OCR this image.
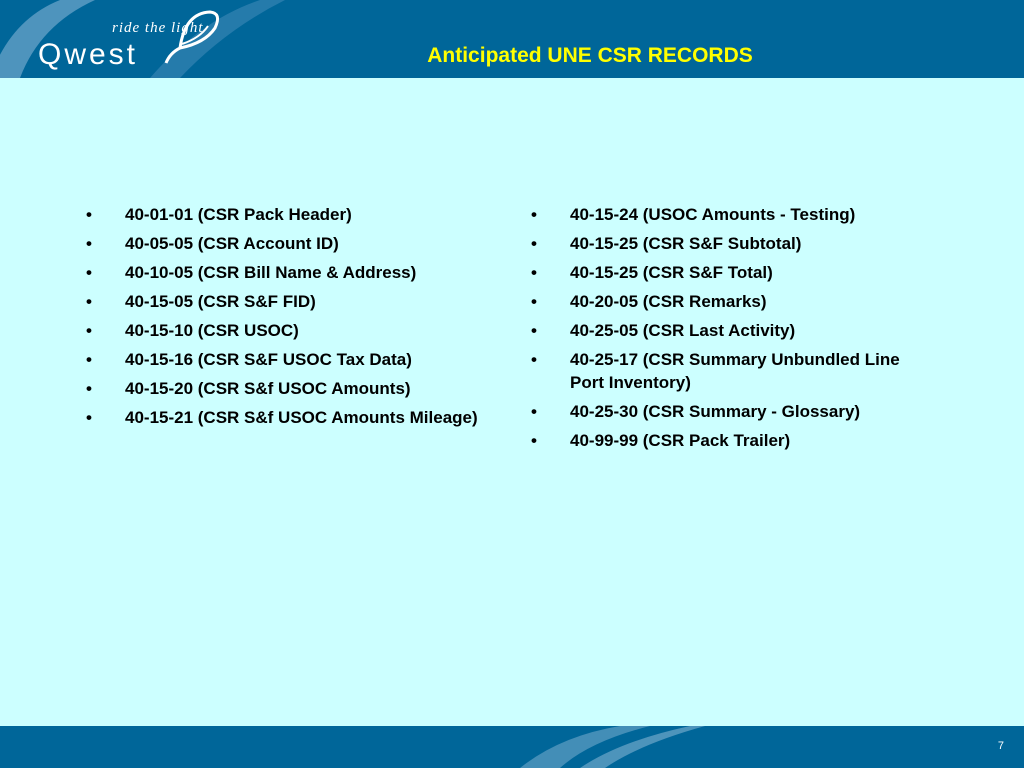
ride the light
Qwest	Anticipated UNE CSR RECORDS
• 40-01-01 (CSR Pack Header)
• 40-05-05 (CSR Account ID)
• 40-10-05 (CSR Bill Name & Address)
• 40-15-05 (CSR S&F FID)
• 40-15-10 (CSR USOC)
• 40-15-16 (CSR S&F USOC Tax Data)
• 40-15-20 (CSR S&f USOC Amounts)
• 40-15-21 (CSR S&f USOC Amounts Mileage)
• 40-15-24 (USOC Amounts - Testing)
• 40-15-25 (CSR S&F Subtotal)
• 40-15-25 (CSR S&F Total)
• 40-20-05 (CSR Remarks)
• 40-25-05 (CSR Last Activity)
• 40-25-17 (CSR Summary Unbundled Line Port Inventory)
• 40-25-30 (CSR Summary - Glossary)
• 40-99-99 (CSR Pack Trailer)
7
